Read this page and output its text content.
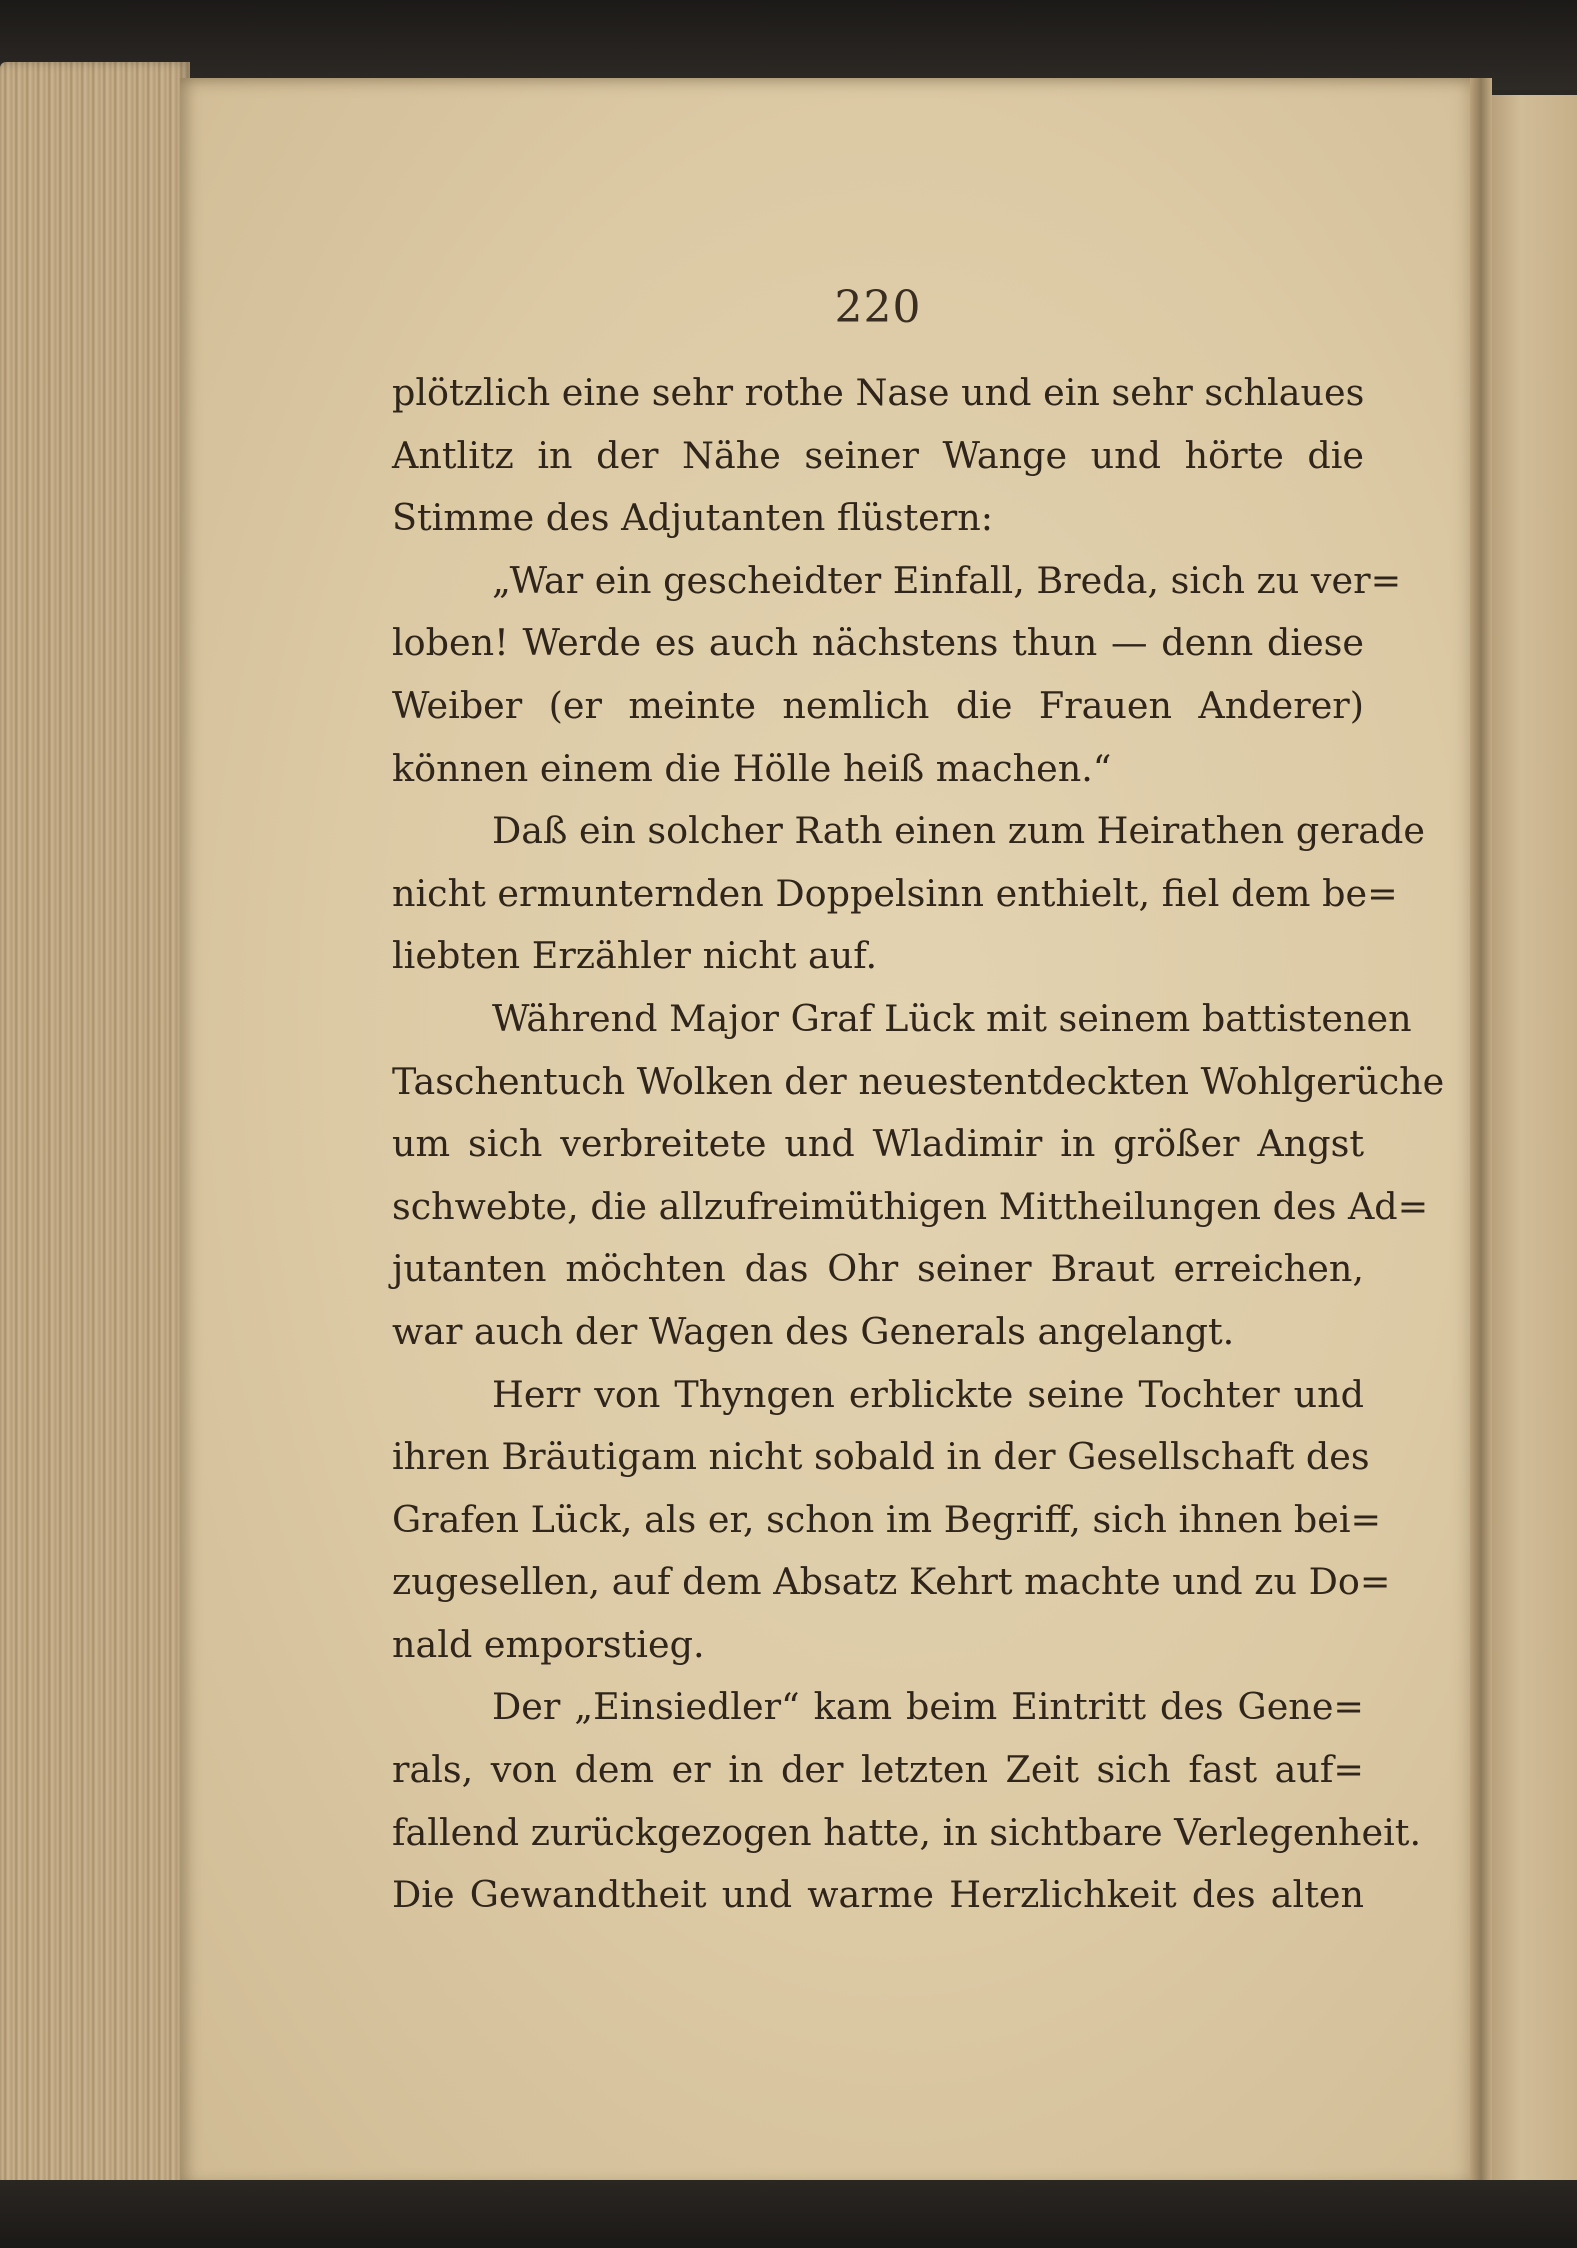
220
plötzlich eine sehr rothe Nase und ein sehr schlaues
Antlitz in der Nähe seiner Wange und hörte die
Stimme des Adjutanten flüstern:
„War ein gescheidter Einfall, Breda, sich zu ver=
loben! Werde es auch nächstens thun — denn diese
Weiber (er meinte nemlich die Frauen Anderer)
können einem die Hölle heiß machen.“
Daß ein solcher Rath einen zum Heirathen gerade
nicht ermunternden Doppelsinn enthielt, fiel dem be=
liebten Erzähler nicht auf.
Während Major Graf Lück mit seinem battistenen
Taschentuch Wolken der neuestentdeckten Wohlgerüche
um sich verbreitete und Wladimir in größer Angst
schwebte, die allzufreimüthigen Mittheilungen des Ad=
jutanten möchten das Ohr seiner Braut erreichen,
war auch der Wagen des Generals angelangt.
Herr von Thyngen erblickte seine Tochter und
ihren Bräutigam nicht sobald in der Gesellschaft des
Grafen Lück, als er, schon im Begriff, sich ihnen bei=
zugesellen, auf dem Absatz Kehrt machte und zu Do=
nald emporstieg.
Der „Einsiedler“ kam beim Eintritt des Gene=
rals, von dem er in der letzten Zeit sich fast auf=
fallend zurückgezogen hatte, in sichtbare Verlegenheit.
Die Gewandtheit und warme Herzlichkeit des alten
